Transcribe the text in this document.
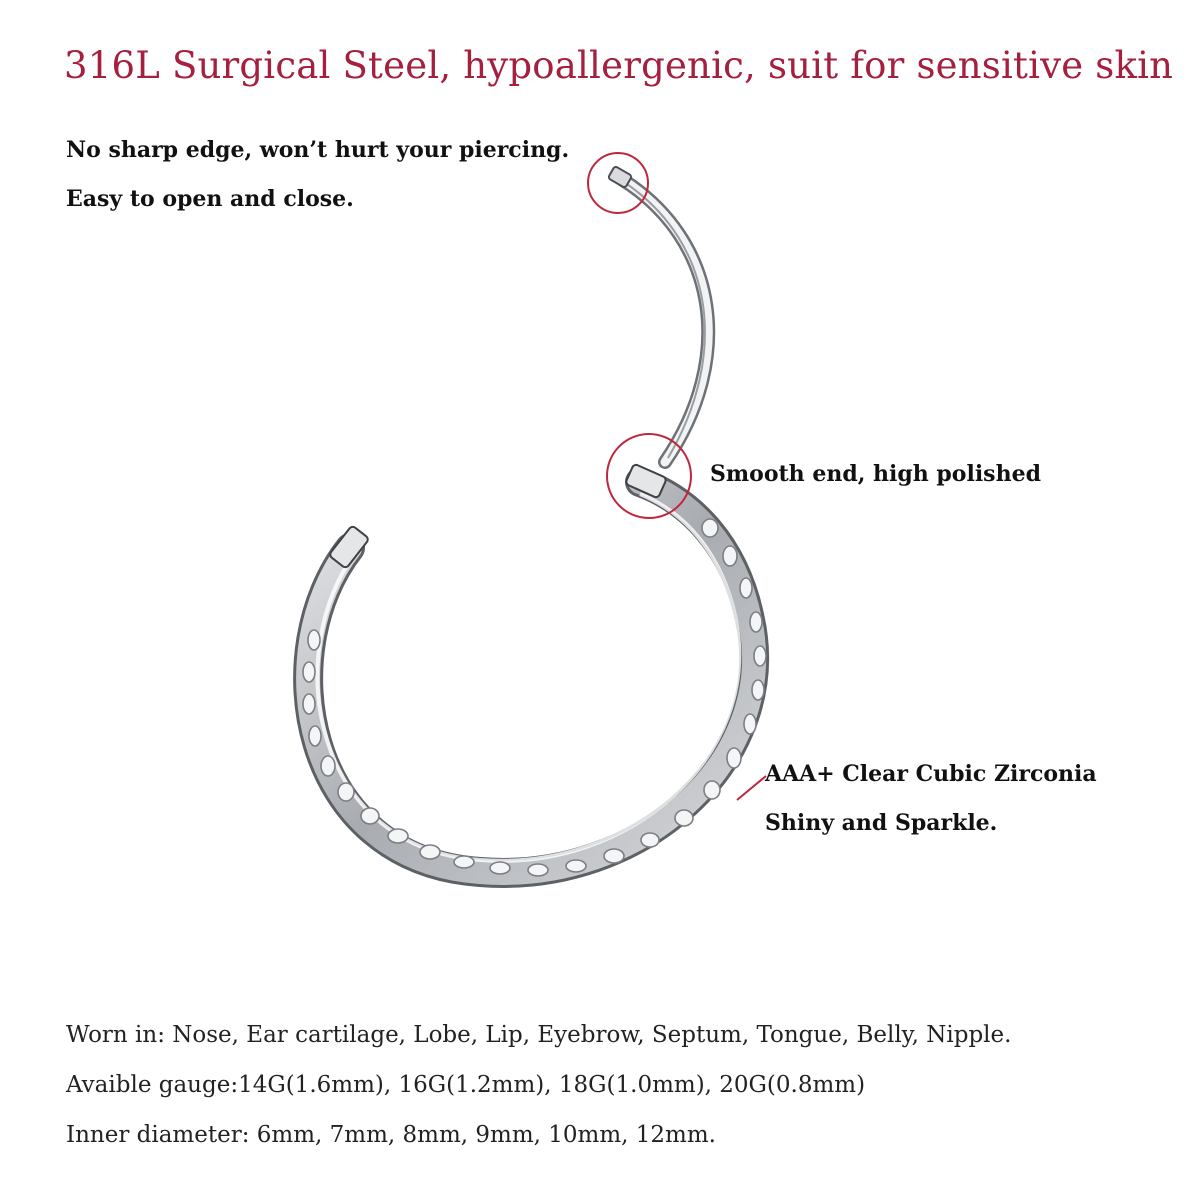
316L Surgical Steel, hypoallergenic, suit for sensitive skin
No sharp edge, won’t hurt your piercing.
Easy to open and close.
Smooth end, high polished
AAA+ Clear Cubic Zirconia
Shiny and Sparkle.
Worn in: Nose, Ear cartilage, Lobe, Lip, Eyebrow, Septum, Tongue, Belly, Nipple.
Avaible gauge:14G(1.6mm), 16G(1.2mm), 18G(1.0mm), 20G(0.8mm)
Inner diameter: 6mm, 7mm, 8mm, 9mm, 10mm, 12mm.
